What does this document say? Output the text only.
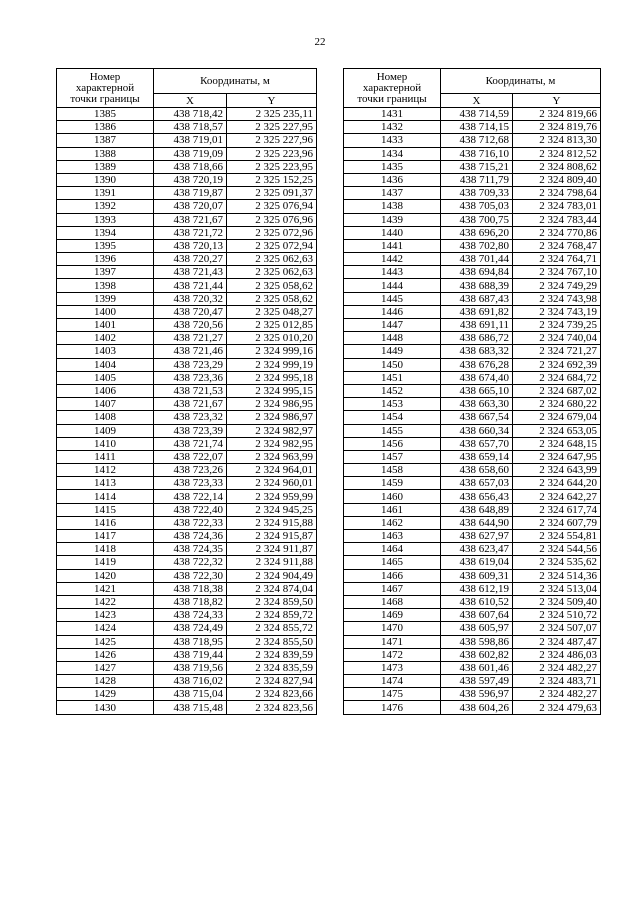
22
Номер
характерной
точки границы	Координаты, м	
	X	Y
1385	438 718,42	2 325 235,11
1386	438 718,57	2 325 227,95
1387	438 719,01	2 325 227,96
1388	438 719,09	2 325 223,96
1389	438 718,66	2 325 223,95
1390	438 720,19	2 325 152,25
1391	438 719,87	2 325 091,37
1392	438 720,07	2 325 076,94
1393	438 721,67	2 325 076,96
1394	438 721,72	2 325 072,96
1395	438 720,13	2 325 072,94
1396	438 720,27	2 325 062,63
1397	438 721,43	2 325 062,63
1398	438 721,44	2 325 058,62
1399	438 720,32	2 325 058,62
1400	438 720,47	2 325 048,27
1401	438 720,56	2 325 012,85
1402	438 721,27	2 325 010,20
1403	438 721,46	2 324 999,16
1404	438 723,29	2 324 999,19
1405	438 723,36	2 324 995,18
1406	438 721,53	2 324 995,15
1407	438 721,67	2 324 986,95
1408	438 723,32	2 324 986,97
1409	438 723,39	2 324 982,97
1410	438 721,74	2 324 982,95
1411	438 722,07	2 324 963,99
1412	438 723,26	2 324 964,01
1413	438 723,33	2 324 960,01
1414	438 722,14	2 324 959,99
1415	438 722,40	2 324 945,25
1416	438 722,33	2 324 915,88
1417	438 724,36	2 324 915,87
1418	438 724,35	2 324 911,87
1419	438 722,32	2 324 911,88
1420	438 722,30	2 324 904,49
1421	438 718,38	2 324 874,04
1422	438 718,82	2 324 859,50
1423	438 724,33	2 324 859,72
1424	438 724,49	2 324 855,72
1425	438 718,95	2 324 855,50
1426	438 719,44	2 324 839,59
1427	438 719,56	2 324 835,59
1428	438 716,02	2 324 827,94
1429	438 715,04	2 324 823,66
1430	438 715,48	2 324 823,56
Номер
характерной
точки границы	Координаты, м	
	X	Y
1431	438 714,59	2 324 819,66
1432	438 714,15	2 324 819,76
1433	438 712,68	2 324 813,30
1434	438 716,10	2 324 812,52
1435	438 715,21	2 324 808,62
1436	438 711,79	2 324 809,40
1437	438 709,33	2 324 798,64
1438	438 705,03	2 324 783,01
1439	438 700,75	2 324 783,44
1440	438 696,20	2 324 770,86
1441	438 702,80	2 324 768,47
1442	438 701,44	2 324 764,71
1443	438 694,84	2 324 767,10
1444	438 688,39	2 324 749,29
1445	438 687,43	2 324 743,98
1446	438 691,82	2 324 743,19
1447	438 691,11	2 324 739,25
1448	438 686,72	2 324 740,04
1449	438 683,32	2 324 721,27
1450	438 676,28	2 324 692,39
1451	438 674,40	2 324 684,72
1452	438 665,10	2 324 687,02
1453	438 663,30	2 324 680,22
1454	438 667,54	2 324 679,04
1455	438 660,34	2 324 653,05
1456	438 657,70	2 324 648,15
1457	438 659,14	2 324 647,95
1458	438 658,60	2 324 643,99
1459	438 657,03	2 324 644,20
1460	438 656,43	2 324 642,27
1461	438 648,89	2 324 617,74
1462	438 644,90	2 324 607,79
1463	438 627,97	2 324 554,81
1464	438 623,47	2 324 544,56
1465	438 619,04	2 324 535,62
1466	438 609,31	2 324 514,36
1467	438 612,19	2 324 513,04
1468	438 610,52	2 324 509,40
1469	438 607,64	2 324 510,72
1470	438 605,97	2 324 507,07
1471	438 598,86	2 324 487,47
1472	438 602,82	2 324 486,03
1473	438 601,46	2 324 482,27
1474	438 597,49	2 324 483,71
1475	438 596,97	2 324 482,27
1476	438 604,26	2 324 479,63
